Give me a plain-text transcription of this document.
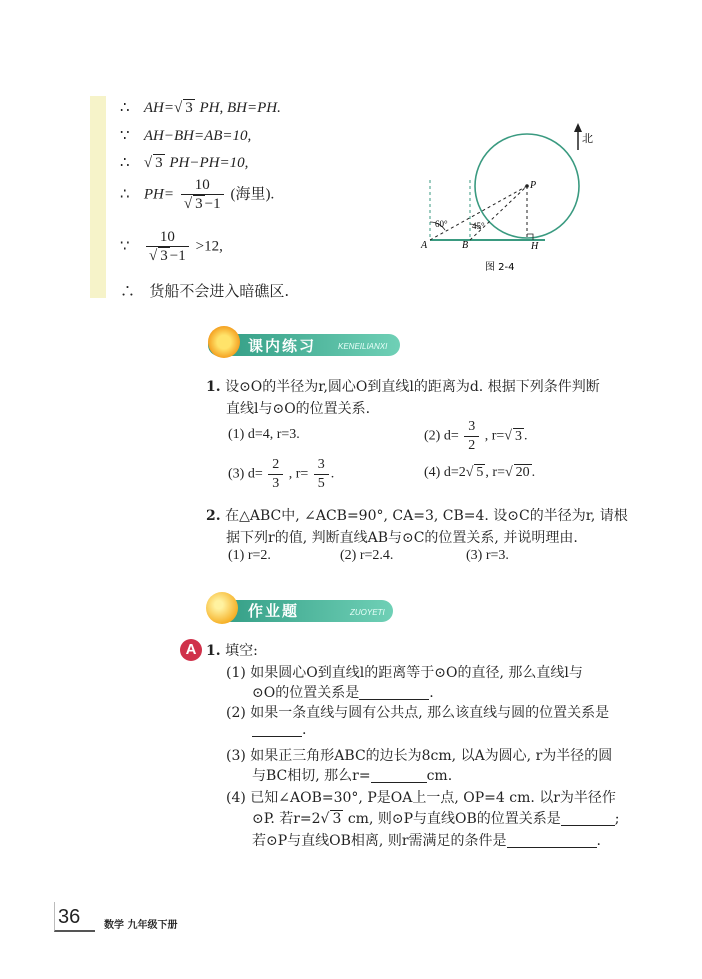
∴ AH=√ 3 PH, BH=PH.
∵ AH−BH=AB=10,
∴ √ 3 PH−PH=10,
∴ $PH= \frac{10}{√ 3 -1}$ (海里).
∵ $\frac{10}{√ 3 -1} >12$,
∴ 货船不会进入暗礁区.
北
P
A	B	H
60°	45°
图 2-4
课内练习	KENEILIANXI
1. 设⊙O的半径为r,圆心O到直线l的距离为d. 根据下列条件判断
直线l与⊙O的位置关系.
(1) d=4, r=3.	(2) $d= \frac{3}{2}$ , r=√ 3 .
(3) $d= \frac{2}{3}$ , $r= \frac{3}{5}$ .	(4) d=2√ 5 , r=√ 20 .
2. 在△ABC中, ∠ACB=90°, CA=3, CB=4. 设⊙C的半径为r, 请根
据下列r的值, 判断直线AB与⊙C的位置关系, 并说明理由.
(1) r=2.	(2) r=2.4.	(3) r=3.
作业题	ZUOYETI
A 1. 填空:
(1) 如果圆心O到直线l的距离等于⊙O的直径, 那么直线l与
⊙O的位置关系是	.
(2) 如果一条直线与圆有公共点, 那么该直线与圆的位置关系是
.
(3) 如果正三角形ABC的边长为8cm, 以A为圆心, r为半径的圆
与BC相切, 那么r=	cm.
(4) 已知∠AOB=30°, P是OA上一点, OP=4 cm. 以r为半径作
⊙P. 若r=2√ 3 cm, 则⊙P与直线OB的位置关系是	;
若⊙P与直线OB相离, 则r需满足的条件是	.
36 数学 九年级下册
